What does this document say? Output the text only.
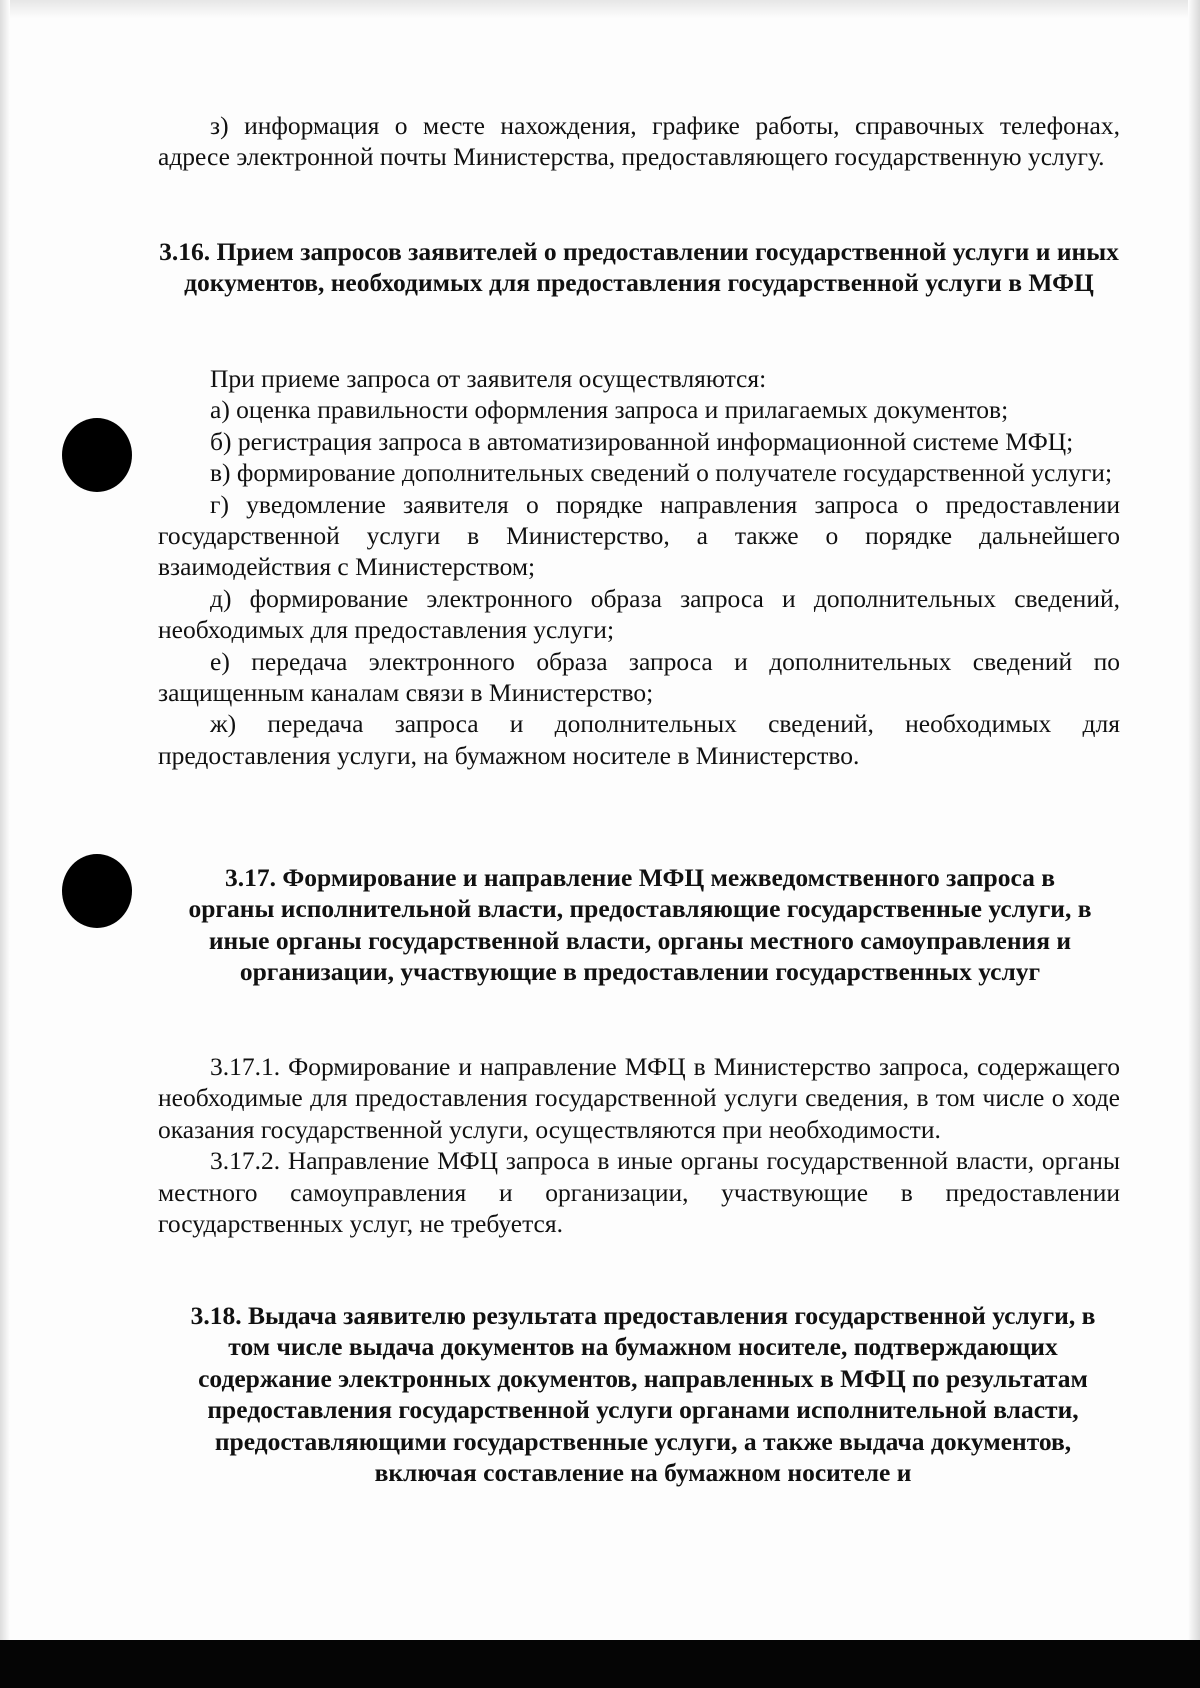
з) информация о месте нахождения, графике работы, справочных телефонах, адресе электронной почты Министерства, предоставляющего государственную услугу.

3.16. Прием запросов заявителей о предоставлении государственной услуги и иных документов, необходимых для предоставления государственной услуги в МФЦ

При приеме запроса от заявителя осуществляются:

а) оценка правильности оформления запроса и прилагаемых документов;

б) регистрация запроса в автоматизированной информационной системе МФЦ;

в) формирование дополнительных сведений о получателе государственной услуги;

г) уведомление заявителя о порядке направления запроса о предоставлении государственной услуги в Министерство, а также о порядке дальнейшего взаимодействия с Министерством;

д) формирование электронного образа запроса и дополнительных сведений, необходимых для предоставления услуги;

е) передача электронного образа запроса и дополнительных сведений по защищенным каналам связи в Министерство;

ж) передача запроса и дополнительных сведений, необходимых для предоставления услуги, на бумажном носителе в Министерство.

3.17. Формирование и направление МФЦ межведомственного запроса в органы исполнительной власти, предоставляющие государственные услуги, в иные органы государственной власти, органы местного самоуправления и организации, участвующие в предоставлении государственных услуг

3.17.1. Формирование и направление МФЦ в Министерство запроса, содержащего необходимые для предоставления государственной услуги сведения, в том числе о ходе оказания государственной услуги, осуществляются при необходимости.

3.17.2. Направление МФЦ запроса в иные органы государственной власти, органы местного самоуправления и организации, участвующие в предоставлении государственных услуг, не требуется.

3.18. Выдача заявителю результата предоставления государственной услуги, в том числе выдача документов на бумажном носителе, подтверждающих содержание электронных документов, направленных в МФЦ по результатам предоставления государственной услуги органами исполнительной власти, предоставляющими государственные услуги, а также выдача документов, включая составление на бумажном носителе и
